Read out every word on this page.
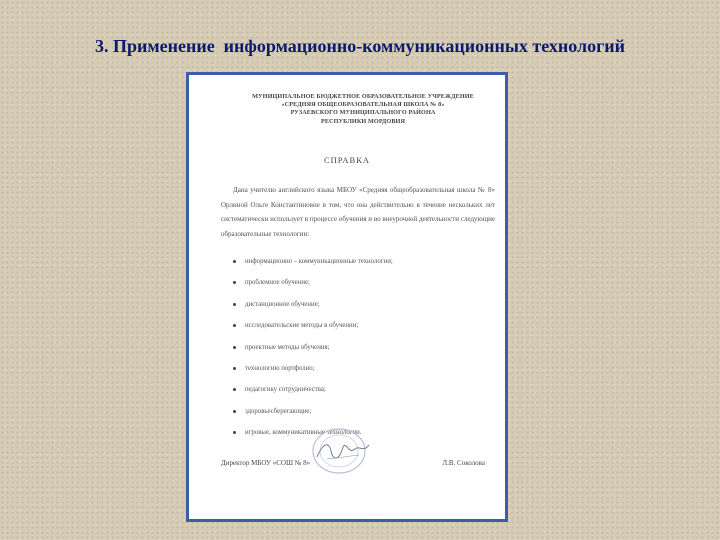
3. Применение  информационно-коммуникационных технологий
МУНИЦИПАЛЬНОЕ БЮДЖЕТНОЕ ОБРАЗОВАТЕЛЬНОЕ УЧРЕЖДЕНИЕ
«СРЕДНЯЯ ОБЩЕОБРАЗОВАТЕЛЬНАЯ ШКОЛА № 8»
РУЗАЕВСКОГО МУНИЦИПАЛЬНОГО РАЙОНА
РЕСПУБЛИКИ МОРДОВИЯ
СПРАВКА
Дана учителю английского языка МБОУ «Средняя общеобразовательная школа № 8» Орлиной Ольге Константиновне в том, что она действительно в течение нескольких лет систематически использует в процессе обучения и во внеурочной деятельности следующие образовательные технологии:
информационно – коммуникационные технологии;
проблемное обучение;
дистанционное обучение;
исследовательские методы в обучении;
проектные методы обучения;
технологию портфолио;
педагогику сотрудничества;
здоровьесберегающие;
игровые, коммуникативные технологии.
Директор МБОУ «СОШ № 8»	Л.В. Соколова
